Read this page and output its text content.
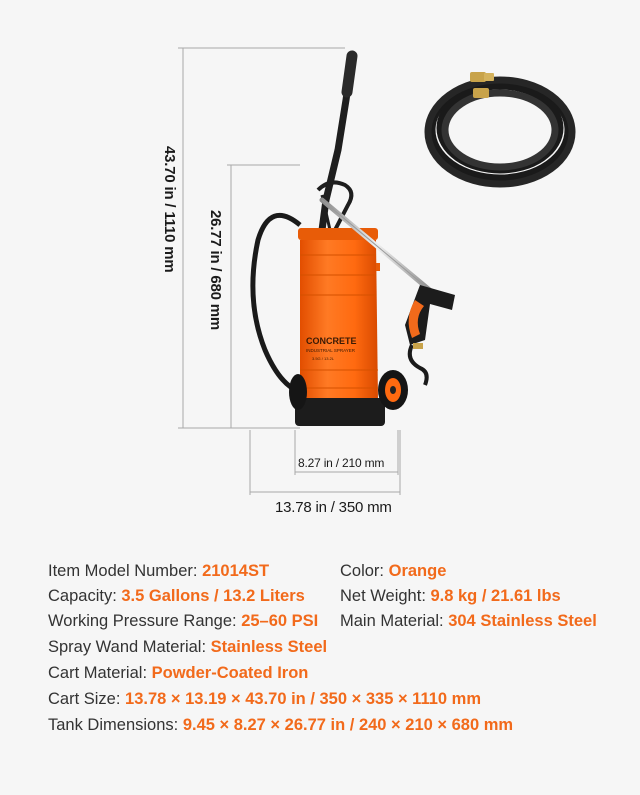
CONCRETE
INDUSTRIAL SPRAYER
3.5G / 13.2L
43.70 in / 1110 mm 26.77 in / 680 mm
8.27 in / 210 mm
13.78 in / 350 mm
Item Model Number: 21014ST	Color: Orange
Capacity: 3.5 Gallons / 13.2 Liters Net Weight: 9.8 kg / 21.61 lbs
Working Pressure Range: 25–60 PSI Main Material: 304 Stainless Steel
Spray Wand Material: Stainless Steel
Cart Material: Powder-Coated Iron
Cart Size: 13.78 × 13.19 × 43.70 in / 350 × 335 × 1110 mm
Tank Dimensions: 9.45 × 8.27 × 26.77 in / 240 × 210 × 680 mm
